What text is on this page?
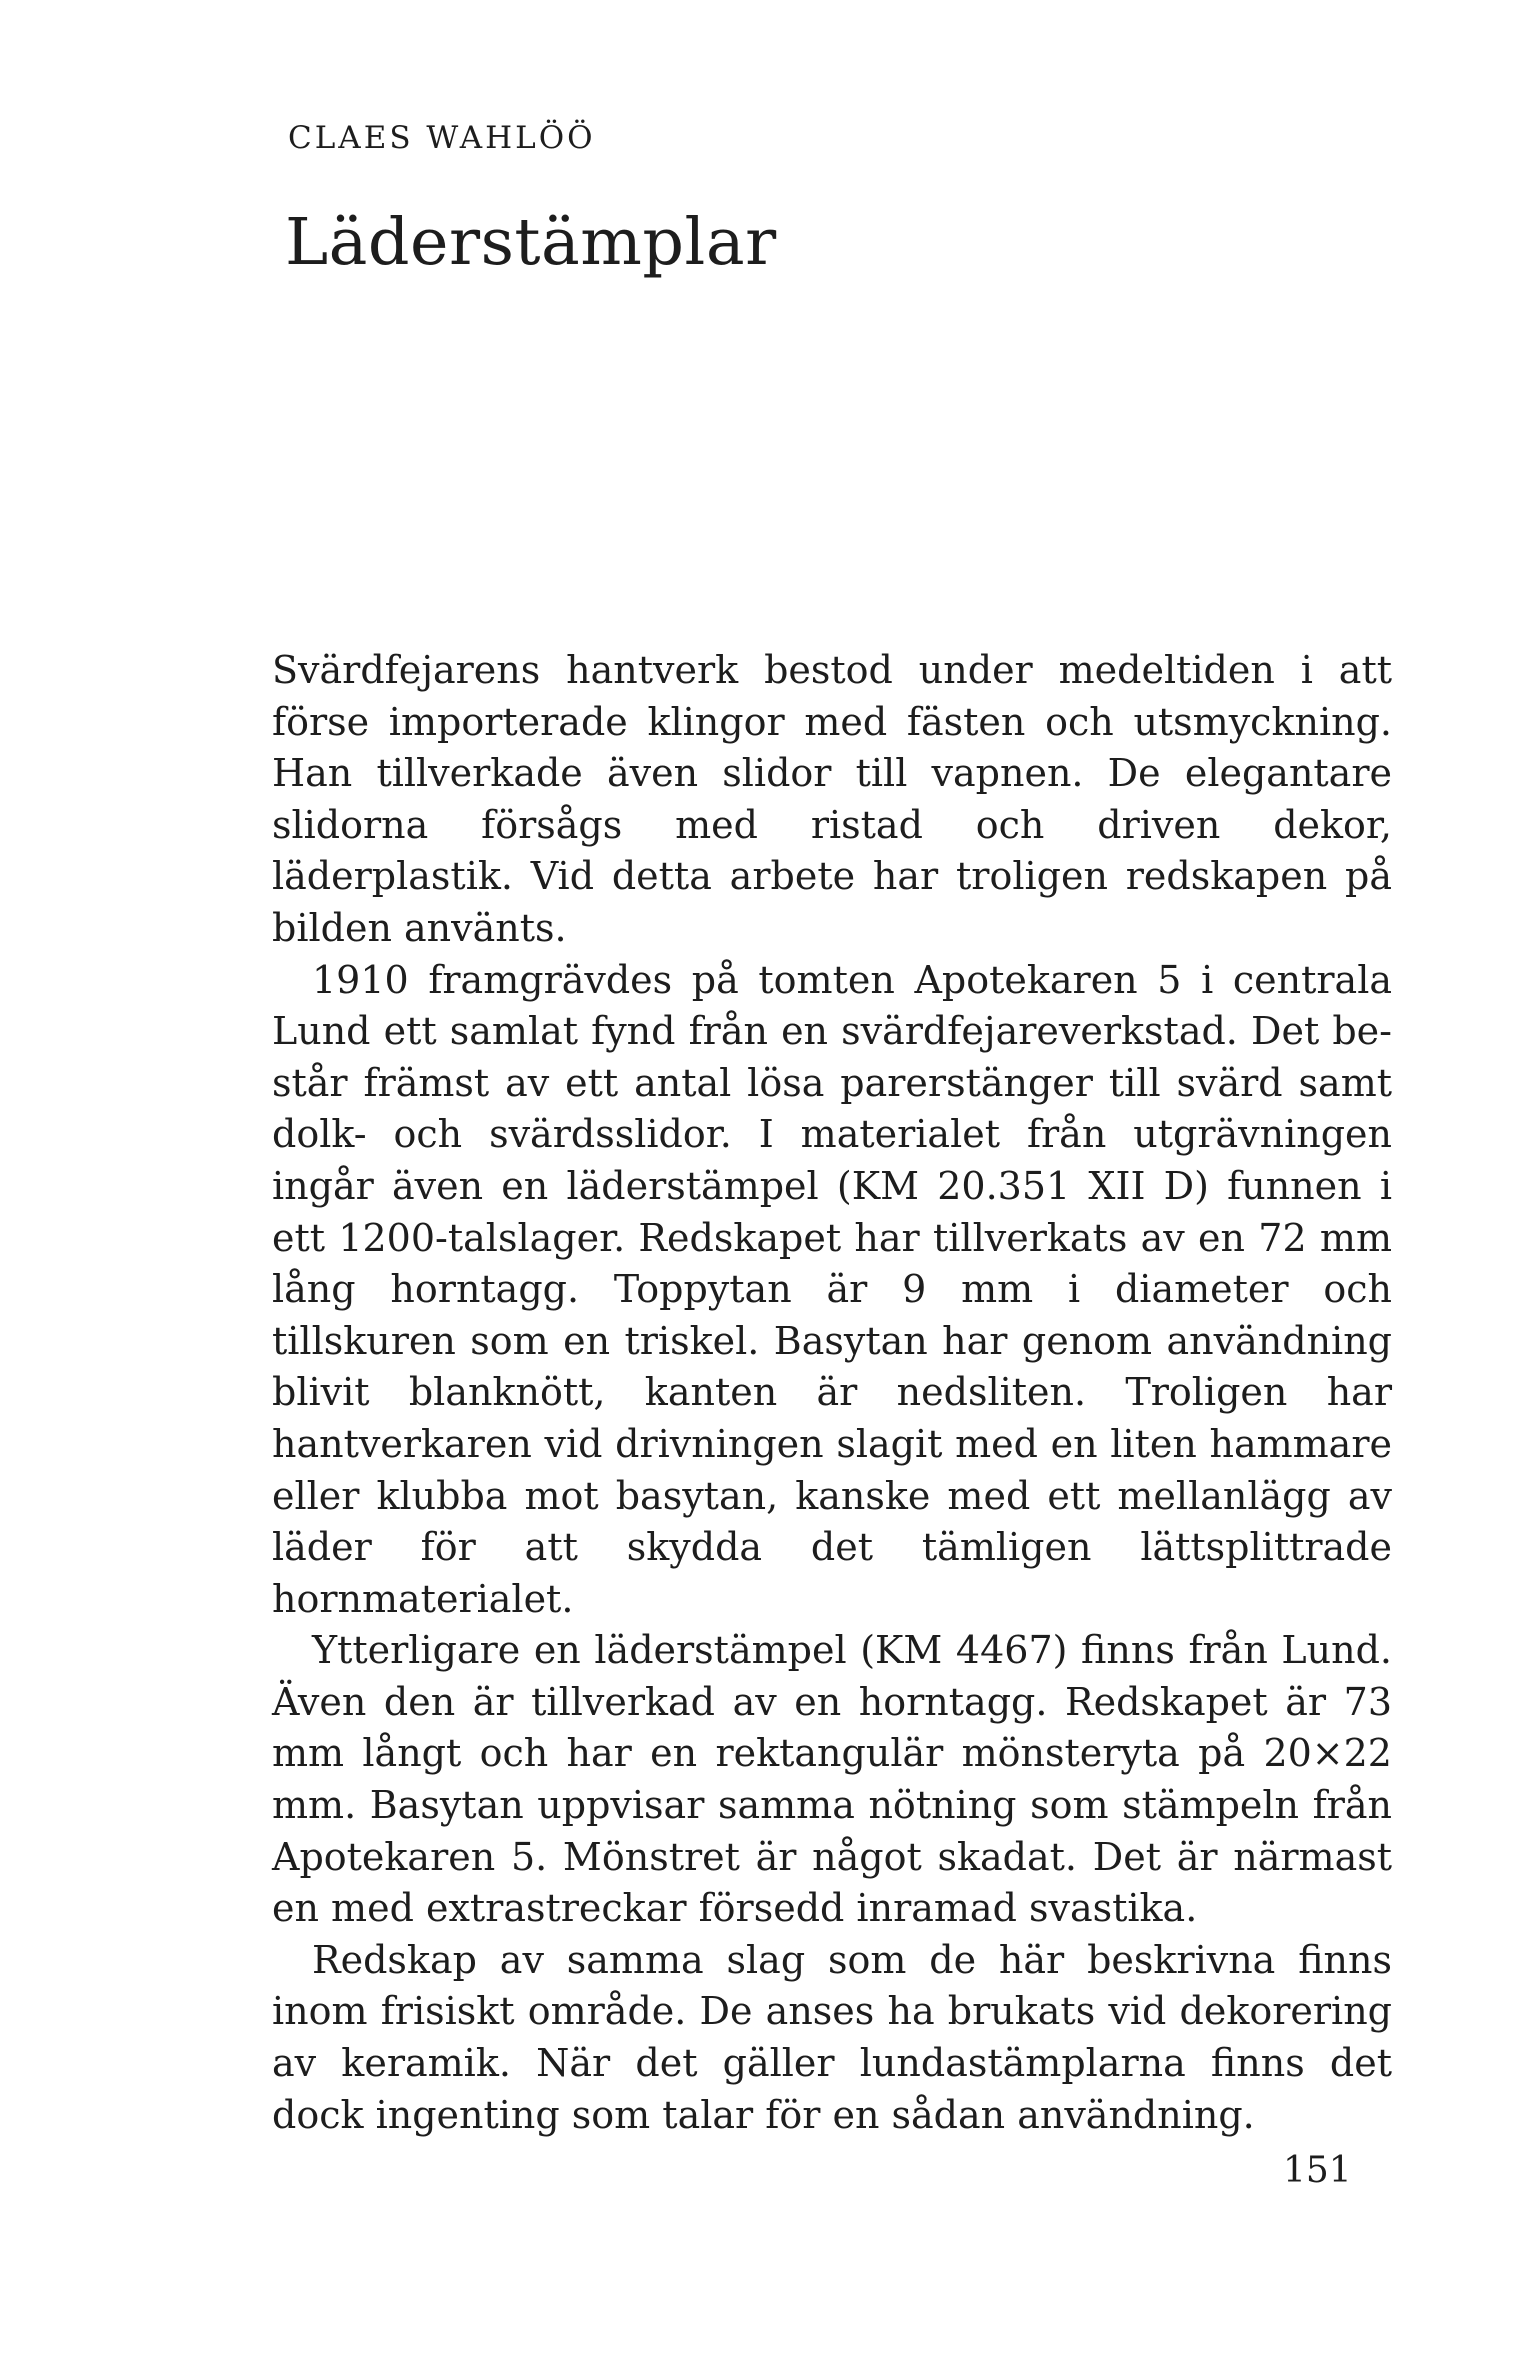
CLAES WAHLÖÖ
Läderstämplar

Svärdfejarens hantverk bestod under medeltiden i att förse importerade klingor med fästen och utsmyckning. Han tillverkade även slidor till vapnen. De elegantare slidorna försågs med ristad och driven dekor, läderplastik. Vid detta arbete har troligen redskapen på bilden använts.

1910 framgrävdes på tomten Apotekaren 5 i centrala Lund ett samlat fynd från en svärdfejareverkstad. Det består främst av ett antal lösa parerstänger till svärd samt dolk- och svärdsslidor. I materialet från utgrävningen ingår även en läderstämpel (KM 20.351 XII D) funnen i ett 1200-talslager. Redskapet har tillverkats av en 72 mm lång horntagg. Toppytan är 9 mm i diameter och tillskuren som en triskel. Basytan har genom användning blivit blanknött, kanten är nedsliten. Troligen har hantverkaren vid drivningen slagit med en liten hammare eller klubba mot basytan, kanske med ett mellanlägg av läder för att skydda det tämligen lättsplittrade hornmaterialet.

Ytterligare en läderstämpel (KM 4467) finns från Lund. Även den är tillverkad av en horntagg. Redskapet är 73 mm långt och har en rektangulär mönsteryta på 20×22 mm. Basytan uppvisar samma nötning som stämpeln från Apotekaren 5. Mönstret är något skadat. Det är närmast en med extrastreckar försedd inramad svastika.

Redskap av samma slag som de här beskrivna finns inom frisiskt område. De anses ha brukats vid dekorering av keramik. När det gäller lundastämplarna finns det dock ingenting som talar för en sådan användning.

151
